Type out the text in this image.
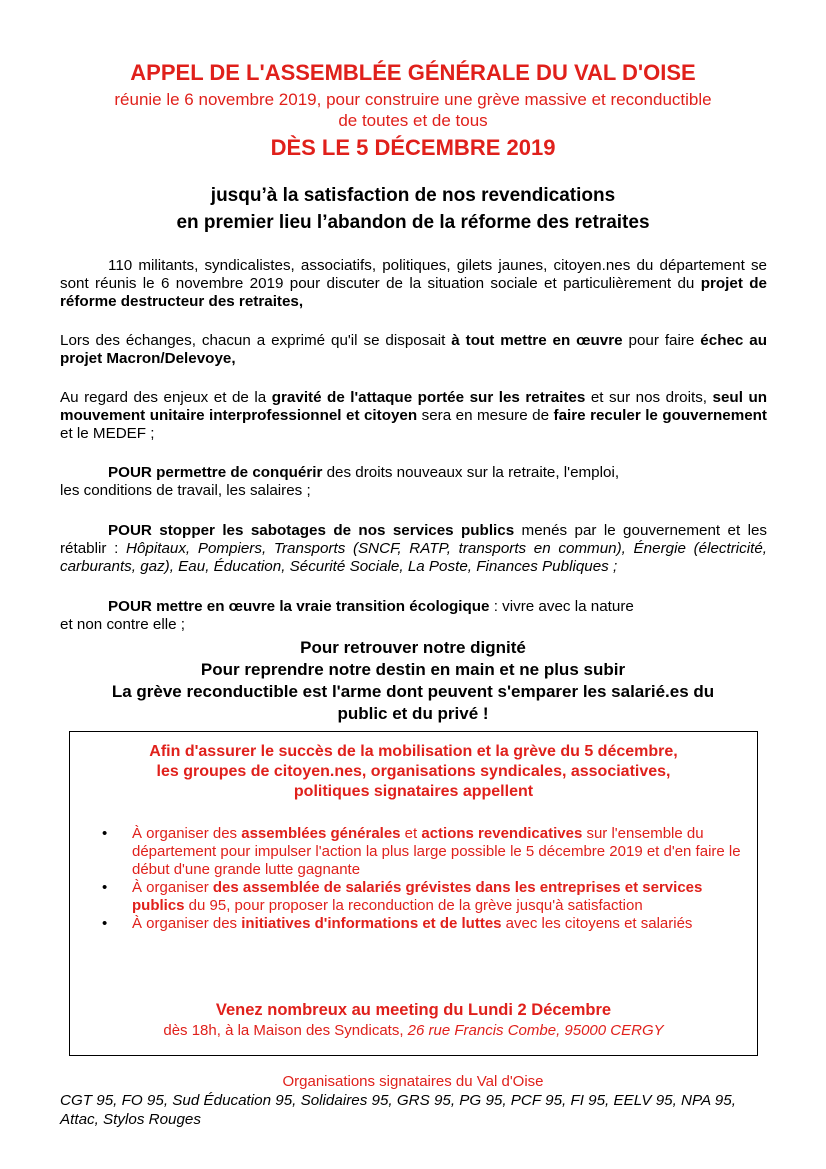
APPEL DE L'ASSEMBLÉE GÉNÉRALE DU VAL D'OISE
réunie le 6 novembre 2019, pour construire une grève massive et reconductible
de toutes et de tous
DÈS LE 5 DÉCEMBRE 2019
jusqu’à la satisfaction de nos revendications
en premier lieu l’abandon de la réforme des retraites
110 militants, syndicalistes, associatifs, politiques, gilets jaunes, citoyen.nes du département se sont réunis le 6 novembre 2019 pour discuter de la situation sociale et particulièrement du projet de réforme destructeur des retraites,
Lors des échanges, chacun a exprimé qu'il se disposait à tout mettre en œuvre pour faire échec au projet Macron/Delevoye,
Au regard des enjeux et de la gravité de l'attaque portée sur les retraites et sur nos droits, seul un mouvement unitaire interprofessionnel et citoyen sera en mesure de faire reculer le gouvernement et le MEDEF ;
POUR permettre de conquérir des droits nouveaux sur la retraite, l'emploi,
les conditions de travail, les salaires ;
POUR stopper les sabotages de nos services publics menés par le gouvernement et les rétablir : Hôpitaux, Pompiers, Transports (SNCF, RATP, transports en commun), Énergie (électricité, carburants, gaz), Eau, Éducation, Sécurité Sociale, La Poste, Finances Publiques ;
POUR mettre en œuvre la vraie transition écologique : vivre avec la nature
et non contre elle ;
Pour retrouver notre dignité
Pour reprendre notre destin en main et ne plus subir
La grève reconductible est l'arme dont peuvent s'emparer les salarié.es du
public et du privé !
Afin d'assurer le succès de la mobilisation et la grève du 5 décembre,
les groupes de citoyen.nes, organisations syndicales, associatives,
politiques signataires appellent
• À organiser des assemblées générales et actions revendicatives sur l'ensemble du département pour impulser l'action la plus large possible le 5 décembre 2019 et d'en faire le début d'une grande lutte gagnante
• À organiser des assemblée de salariés grévistes dans les entreprises et services publics du 95, pour proposer la reconduction de la grève jusqu'à satisfaction
• À organiser des initiatives d'informations et de luttes avec les citoyens et salariés
Venez nombreux au meeting du Lundi 2 Décembre
dès 18h, à la Maison des Syndicats, 26 rue Francis Combe, 95000 CERGY
Organisations signataires du Val d'Oise
CGT 95, FO 95, Sud Éducation 95, Solidaires 95, GRS 95, PG 95, PCF 95, FI 95, EELV 95, NPA 95, Attac, Stylos Rouges
